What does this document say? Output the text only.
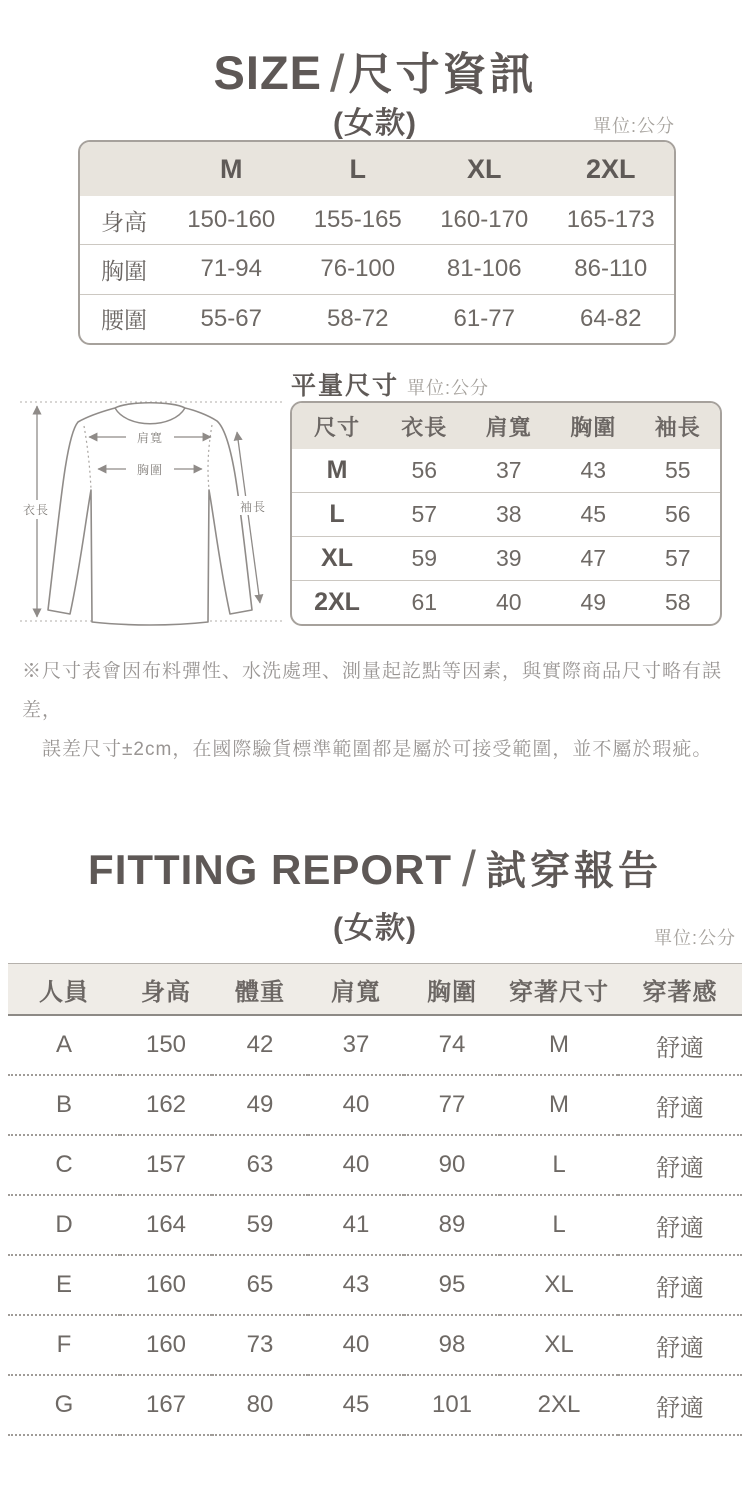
SIZE /尺寸資訊
(女款)	單位:公分
	M	L	XL	2XL
身高	150-160	155-165	160-170	165-173
胸圍	71-94	76-100	81-106	86-110
腰圍	55-67	58-72	61-77	64-82
平量尺寸 單位:公分
衣長
肩寬
胸圍
袖長
尺寸	衣長	肩寬	胸圍	袖長
M	56	37	43	55
L	57	38	45	56
XL	59	39	47	57
2XL	61	40	49	58
※尺寸表會因布料彈性、水洗處理、測量起訖點等因素，與實際商品尺寸略有誤差，
誤差尺寸±2cm，在國際驗貨標準範圍都是屬於可接受範圍，並不屬於瑕疵。
FITTING REPORT / 試穿報告
(女款)	單位:公分
人員	身高	體重	肩寬	胸圍	穿著尺寸	穿著感
A	150	42	37	74	M	舒適
B	162	49	40	77	M	舒適
C	157	63	40	90	L	舒適
D	164	59	41	89	L	舒適
E	160	65	43	95	XL	舒適
F	160	73	40	98	XL	舒適
G	167	80	45	101	2XL	舒適
